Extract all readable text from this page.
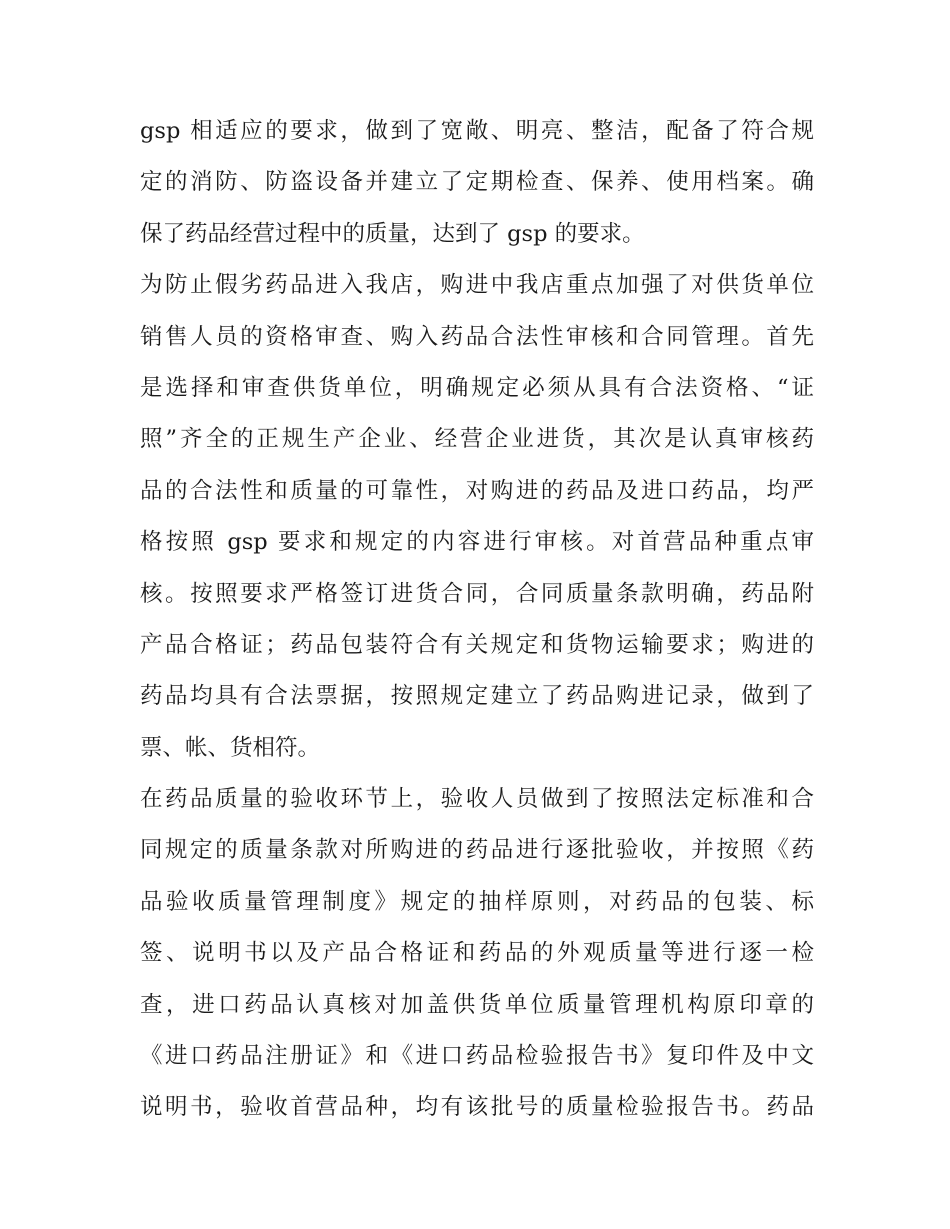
gsp 相适应的要求，做到了宽敞、明亮、整洁，配备了符合规
定的消防、防盗设备并建立了定期检查、保养、使用档案。确
保了药品经营过程中的质量，达到了 gsp 的要求。
为防止假劣药品进入我店，购进中我店重点加强了对供货单位
销售人员的资格审查、购入药品合法性审核和合同管理。首先
是选择和审查供货单位，明确规定必须从具有合法资格、“证
照”齐全的正规生产企业、经营企业进货，其次是认真审核药
品的合法性和质量的可靠性，对购进的药品及进口药品，均严
格按照 gsp 要求和规定的内容进行审核。对首营品种重点审
核。按照要求严格签订进货合同，合同质量条款明确，药品附
产品合格证；药品包装符合有关规定和货物运输要求；购进的
药品均具有合法票据，按照规定建立了药品购进记录，做到了
票、帐、货相符。
在药品质量的验收环节上，验收人员做到了按照法定标准和合
同规定的质量条款对所购进的药品进行逐批验收，并按照《药
品验收质量管理制度》规定的抽样原则，对药品的包装、标
签、说明书以及产品合格证和药品的外观质量等进行逐一检
查，进口药品认真核对加盖供货单位质量管理机构原印章的
《进口药品注册证》和《进口药品检验报告书》复印件及中文
说明书，验收首营品种，均有该批号的质量检验报告书。药品
